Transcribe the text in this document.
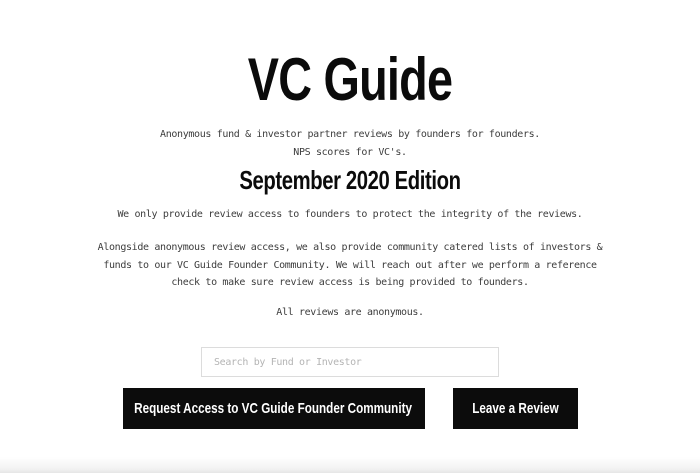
VC Guide

Anonymous fund & investor partner reviews by founders for founders.
NPS scores for VC's.

September 2020 Edition

We only provide review access to founders to protect the integrity of the reviews.

Alongside anonymous review access, we also provide community catered lists of investors & funds to our VC Guide Founder Community. We will reach out after we perform a reference check to make sure review access is being provided to founders.

All reviews are anonymous.

Search by Fund or Investor
Request Access to VC Guide Founder Community	Leave a Review
